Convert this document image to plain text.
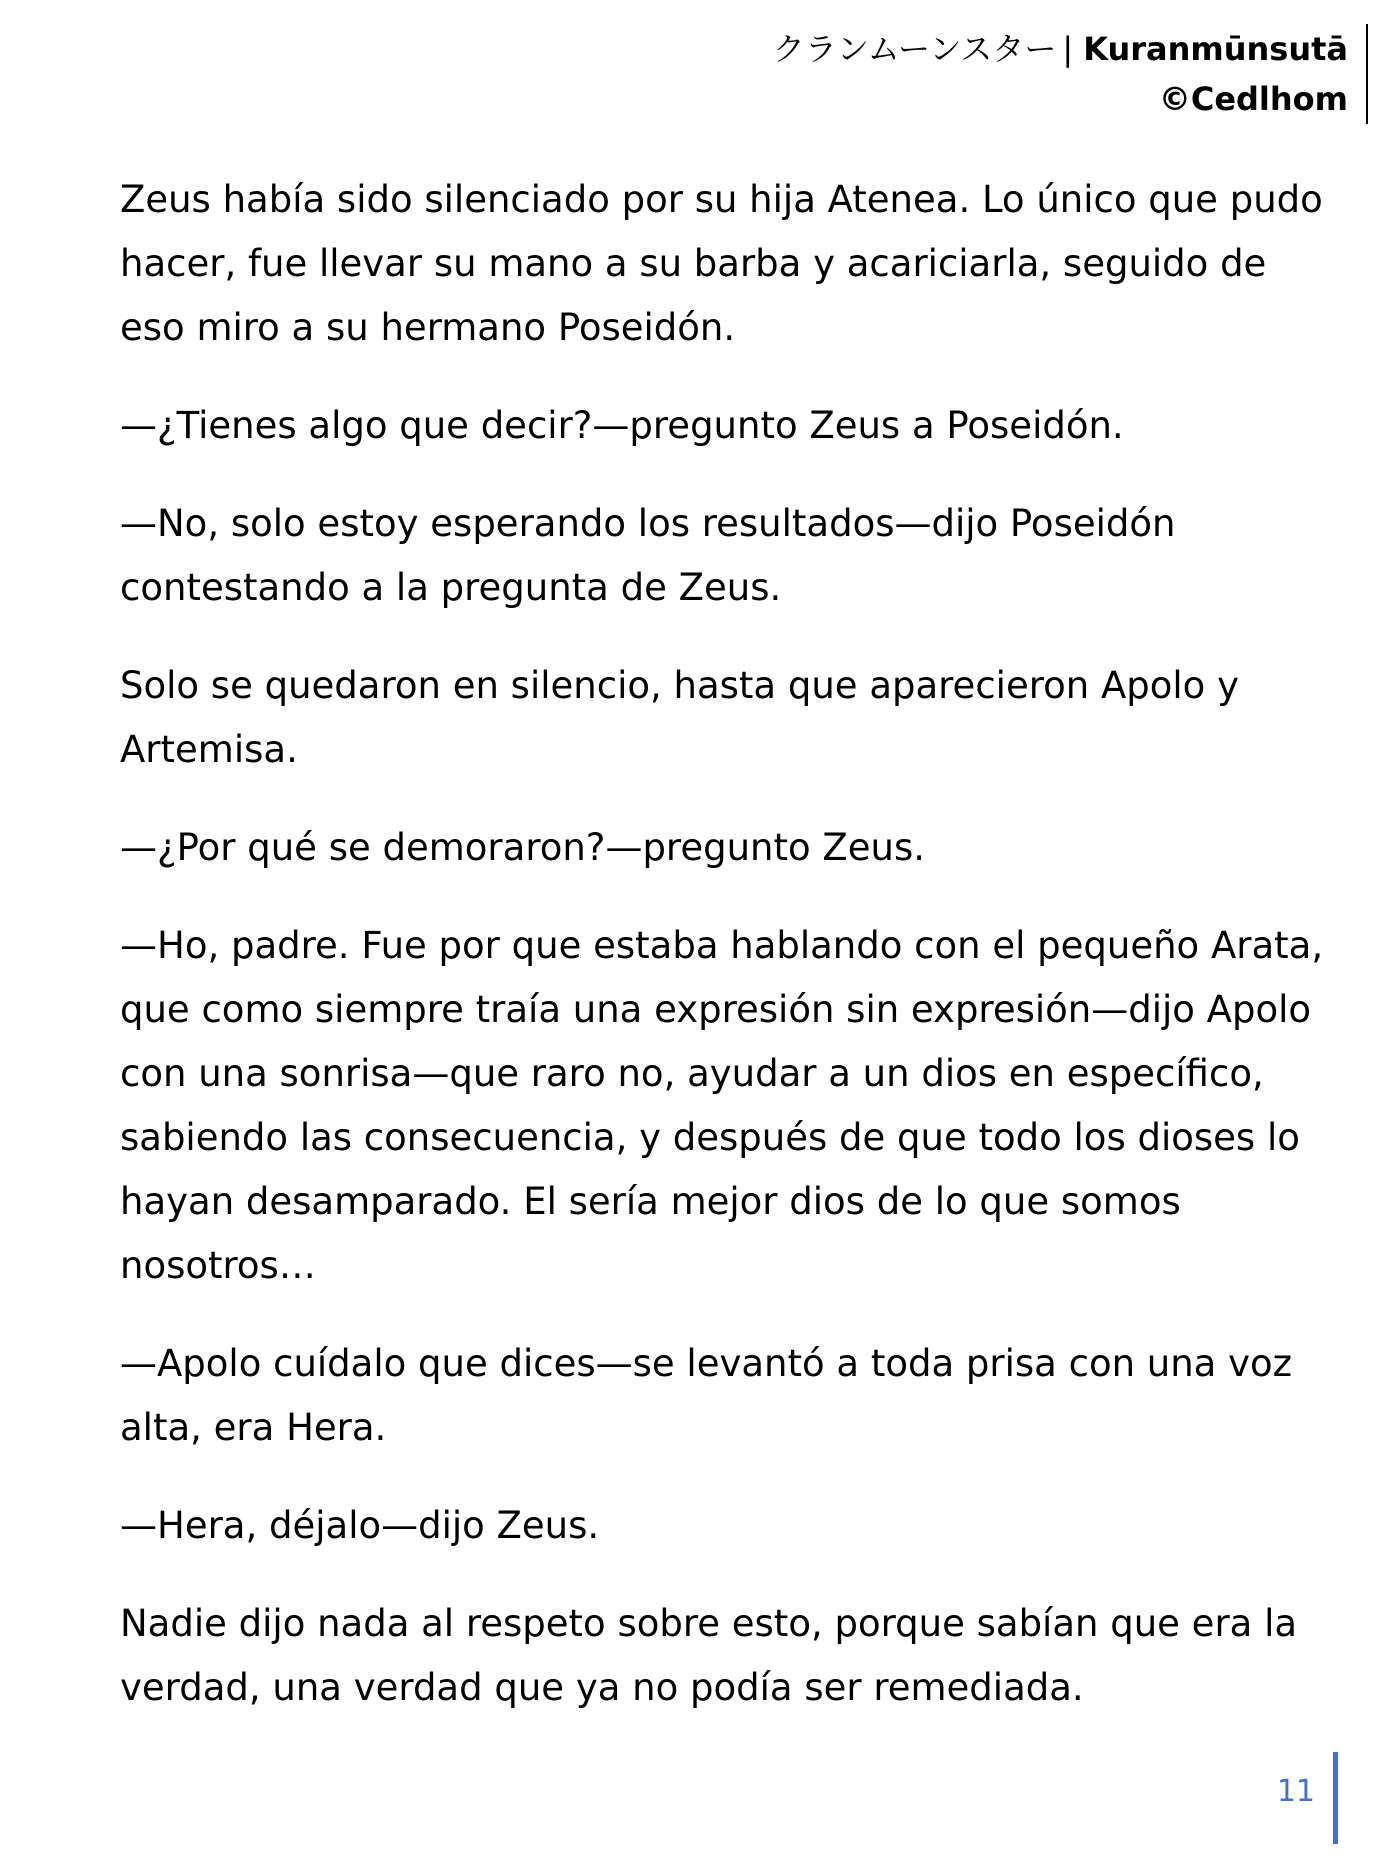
クランムーンスター | Kuranmūnsutā
©Cedlhom

Zeus había sido silenciado por su hija Atenea. Lo único que pudo hacer, fue llevar su mano a su barba y acariciarla, seguido de eso miro a su hermano Poseidón.

—¿Tienes algo que decir?—pregunto Zeus a Poseidón.

—No, solo estoy esperando los resultados—dijo Poseidón contestando a la pregunta de Zeus.

Solo se quedaron en silencio, hasta que aparecieron Apolo y Artemisa.

—¿Por qué se demoraron?—pregunto Zeus.

—Ho, padre. Fue por que estaba hablando con el pequeño Arata, que como siempre traía una expresión sin expresión—dijo Apolo con una sonrisa—que raro no, ayudar a un dios en específico, sabiendo las consecuencia, y después de que todo los dioses lo hayan desamparado. El sería mejor dios de lo que somos nosotros…

—Apolo cuídalo que dices—se levantó a toda prisa con una voz alta, era Hera.

—Hera, déjalo—dijo Zeus.

Nadie dijo nada al respeto sobre esto, porque sabían que era la verdad, una verdad que ya no podía ser remediada.

11
